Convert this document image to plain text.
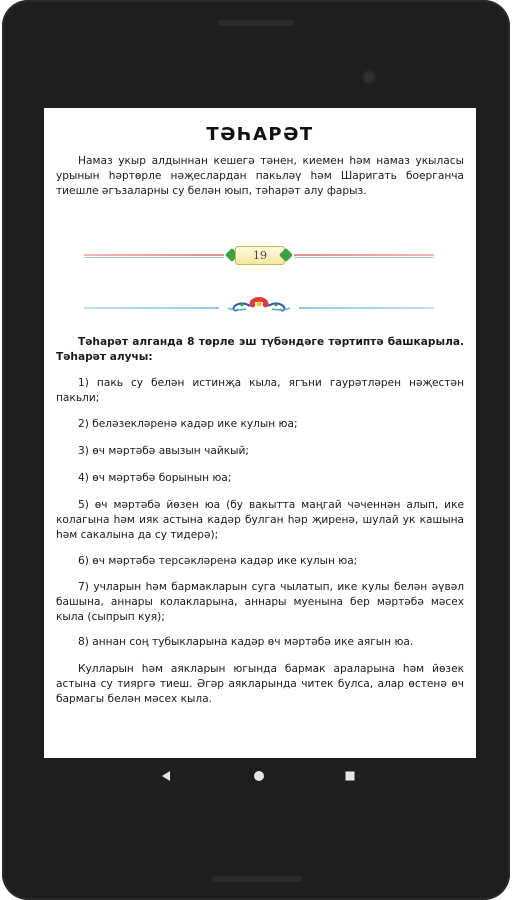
ТӘҺАРӘТ
Намаз укыр алдыннан кешегә тәнен, киемен һәм намаз укыласы урынын һәртөрле нәҗеслардан пакьләү һәм Шаригать боерганча тиешле әгъзаларны су белән юып, тәһарәт алу фарыз.
19
Тәһарәт алганда 8 төрле эш түбәндәге тәртиптә башкарыла. Тәһарәт алучы:
1) пакь су белән истинҗа кыла, ягъни гаурәтләрен нәҗестән пакьли;
2) беләзекләренә кадәр ике кулын юа;
3) өч мәртәбә авызын чайкый;
4) өч мәртәбә борынын юа;
5) өч мәртәбә йөзен юа (бу вакытта маңгай чәченнән алып, ике колагына һәм ияк астына кадәр булган һәр җиренә, шулай ук кашына һәм сакалына да су тидерә);
6) өч мәртәбә терсәкләренә кадәр ике кулын юа;
7) учларын һәм бармакларын суга чылатып, ике кулы белән әүвәл башына, аннары колакларына, аннары муенына бер мәртәбә мәсех кыла (сыпрып куя);
8) аннан соң тубыкларына кадәр өч мәртәбә ике аягын юа.
Кулларын һәм аякларын югында бармак араларына һәм йөзек астына су тияргә тиеш. Әгәр аякларында читек булса, алар өстенә өч бармагы белән мәсех кыла.
